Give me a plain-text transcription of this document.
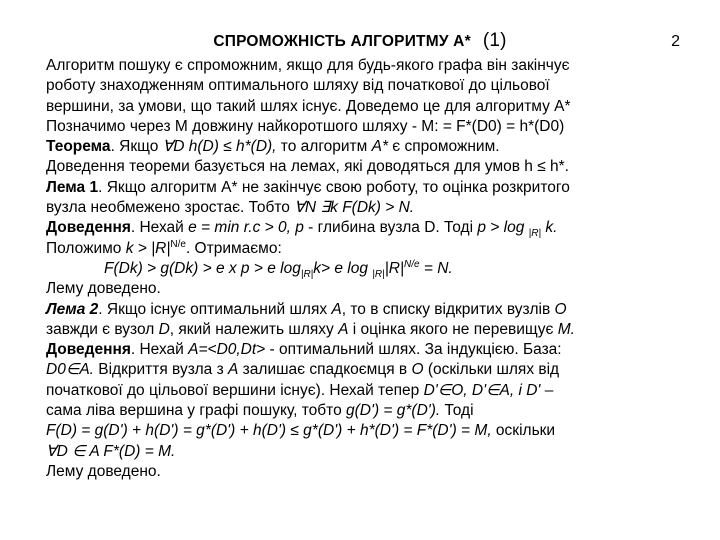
СПРОМОЖНІСТЬ АЛГОРИТМУ А* (1)	2
Алгоритм пошуку є спроможним, якщо для будь-якого графа він закінчує
роботу знаходженням оптимального шляху від початкової до цільової
вершини, за умови, що такий шлях існує. Доведемо це для алгоритму А*
Позначимо через М довжину найкоротшого шляху - М: = F*(D0) = h*(D0)
Теорема. Якщо ∀D h(D) ≤ h*(D), то алгоритм A* є спроможним.
Доведення теореми базується на лемах, які доводяться для умов h ≤ h*.
Лема 1. Якщо алгоритм A* не закінчує свою роботу, то оцінка розкритого
вузла необмежено зростає. Тобто ∀N ∃k F(Dk) > N.
Доведення. Нехай е = min r.c > 0, p - глибина вузла D. Тоді p > log $_{|R|}$ k.
Положимо $k > |R|^{N/e}$. Отримаємо:
F(Dk) > g(Dk) > е x p > е $\log_{|R|}k> е$ $\log _{|R|}|R|^{N/e} = N$.
Лему доведено.
Лема 2. Якщо існує оптимальний шлях А, то в списку відкритих вузлів О
завжди є вузол D, який належить шляху А і оцінка якого не перевищує М.
Доведення. Нехай А=<D0,Dt> - оптимальний шлях. За індукцією. База:
D0∈А. Відкриття вузла з А залишає спадкоємця в О (оскільки шлях від
початкової до цільової вершини існує). Нехай тепер D'∈O, D'∈A, і D' –
сама ліва вершина у графі пошуку, тобто g(D') = g*(D'). Тоді
F(D) = g(D') + h(D') = g*(D') + h(D') ≤ g*(D') + h*(D') = F*(D') = M, оскільки
∀D ∈ A F*(D) = M.
Лему доведено.
